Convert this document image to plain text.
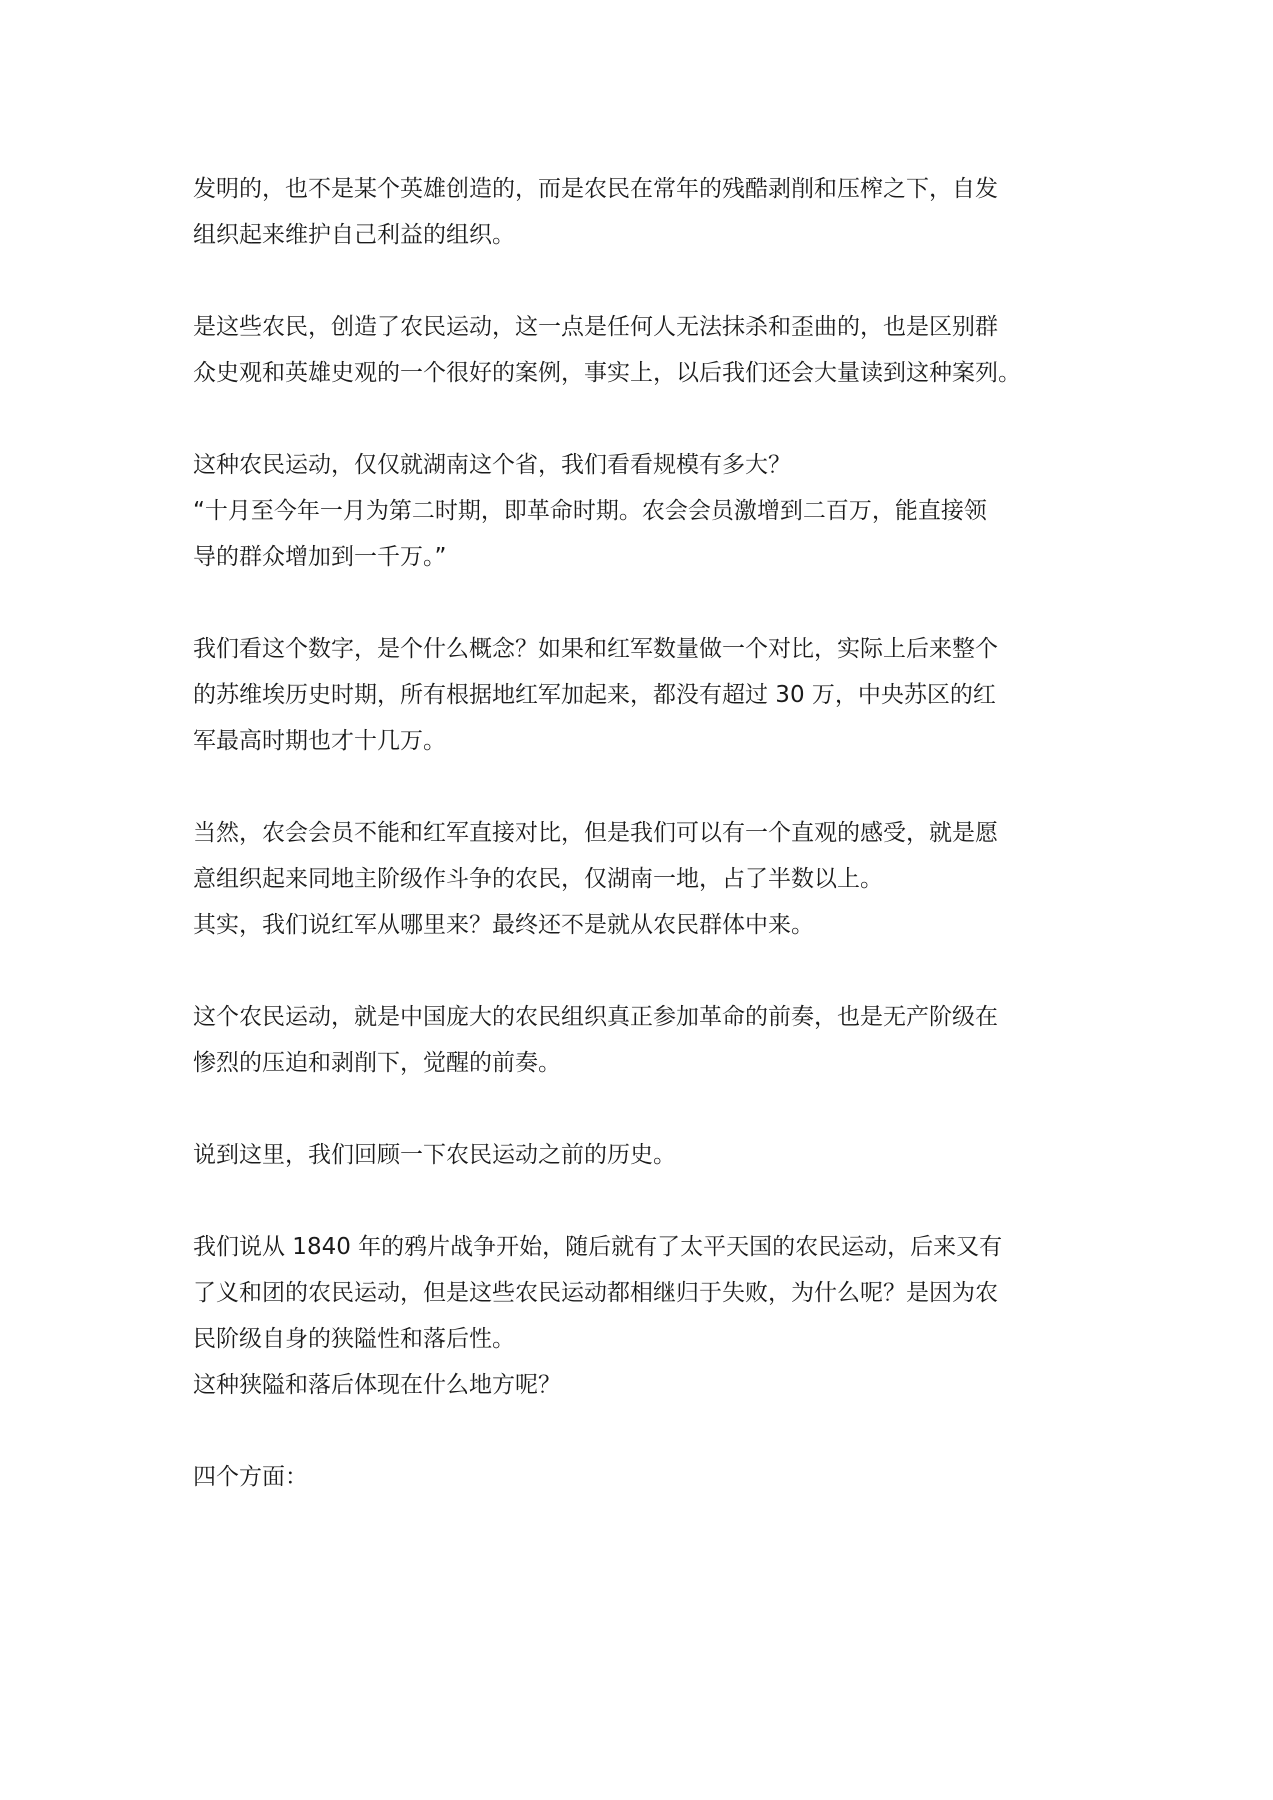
发明的，也不是某个英雄创造的，而是农民在常年的残酷剥削和压榨之下，自发
组织起来维护自己利益的组织。

是这些农民，创造了农民运动，这一点是任何人无法抹杀和歪曲的，也是区别群
众史观和英雄史观的一个很好的案例，事实上，以后我们还会大量读到这种案列。

这种农民运动，仅仅就湖南这个省，我们看看规模有多大？
“十月至今年一月为第二时期，即革命时期。农会会员激增到二百万，能直接领
导的群众增加到一千万。”

我们看这个数字，是个什么概念？如果和红军数量做一个对比，实际上后来整个
的苏维埃历史时期，所有根据地红军加起来，都没有超过 30 万，中央苏区的红
军最高时期也才十几万。

当然，农会会员不能和红军直接对比，但是我们可以有一个直观的感受，就是愿
意组织起来同地主阶级作斗争的农民，仅湖南一地，占了半数以上。
其实，我们说红军从哪里来？最终还不是就从农民群体中来。

这个农民运动，就是中国庞大的农民组织真正参加革命的前奏，也是无产阶级在
惨烈的压迫和剥削下，觉醒的前奏。

说到这里，我们回顾一下农民运动之前的历史。

我们说从 1840 年的鸦片战争开始，随后就有了太平天国的农民运动，后来又有
了义和团的农民运动，但是这些农民运动都相继归于失败，为什么呢？是因为农
民阶级自身的狭隘性和落后性。
这种狭隘和落后体现在什么地方呢？

四个方面：
